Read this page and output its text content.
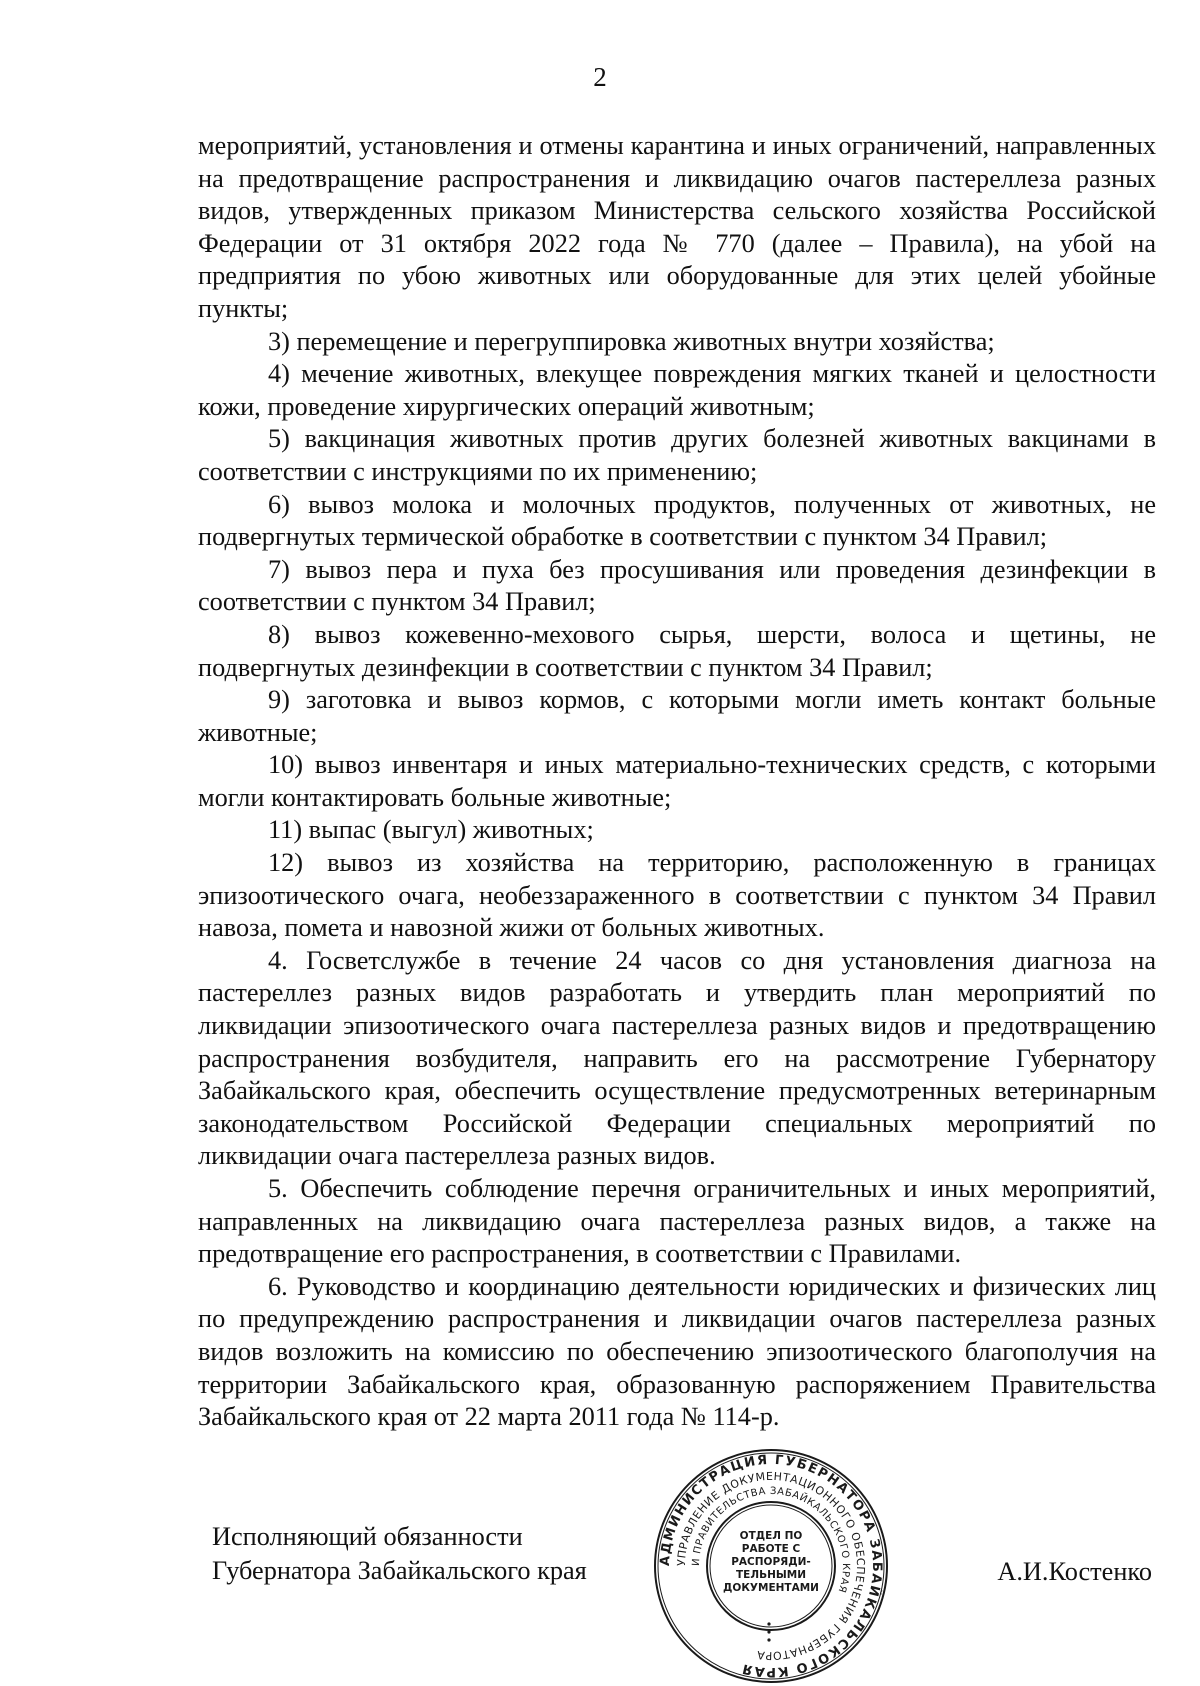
2

мероприятий, установления и отмены карантина и иных ограничений, направленных на предотвращение распространения и ликвидацию очагов пастереллеза разных видов, утвержденных приказом Министерства сельского хозяйства Российской Федерации от 31 октября 2022 года № 770 (далее – Правила), на убой на предприятия по убою животных или оборудованные для этих целей убойные пункты;

3) перемещение и перегруппировка животных внутри хозяйства;

4) мечение животных, влекущее повреждения мягких тканей и целостности кожи, проведение хирургических операций животным;

5) вакцинация животных против других болезней животных вакцинами в соответствии с инструкциями по их применению;

6) вывоз молока и молочных продуктов, полученных от животных, не подвергнутых термической обработке в соответствии с пунктом 34 Правил;

7) вывоз пера и пуха без просушивания или проведения дезинфекции в соответствии с пунктом 34 Правил;

8) вывоз кожевенно-мехового сырья, шерсти, волоса и щетины, не подвергнутых дезинфекции в соответствии с пунктом 34 Правил;

9) заготовка и вывоз кормов, с которыми могли иметь контакт больные животные;

10) вывоз инвентаря и иных материально-технических средств, с которыми могли контактировать больные животные;

11) выпас (выгул) животных;

12) вывоз из хозяйства на территорию, расположенную в границах эпизоотического очага, необеззараженного в соответствии с пунктом 34 Правил навоза, помета и навозной жижи от больных животных.

4. Госветслужбе в течение 24 часов со дня установления диагноза на пастереллез разных видов разработать и утвердить план мероприятий по ликвидации эпизоотического очага пастереллеза разных видов и предотвращению распространения возбудителя, направить его на рассмотрение Губернатору Забайкальского края, обеспечить осуществление предусмотренных ветеринарным законодательством Российской Федерации специальных мероприятий по ликвидации очага пастереллеза разных видов.

5. Обеспечить соблюдение перечня ограничительных и иных мероприятий, направленных на ликвидацию очага пастереллеза разных видов, а также на предотвращение его распространения, в соответствии с Правилами.

6. Руководство и координацию деятельности юридических и физических лиц по предупреждению распространения и ликвидации очагов пастереллеза разных видов возложить на комиссию по обеспечению эпизоотического благополучия на территории Забайкальского края, образованную распоряжением Правительства Забайкальского края от 22 марта 2011 года № 114-р.

Исполняющий обязанности
Губернатора Забайкальского края	А.И.Костенко
АДМИНИСТРАЦИЯ ГУБЕРНАТОРА ЗАБАЙКАЛЬСКОГО КРАЯ
УПРАВЛЕНИЕ ДОКУМЕНТАЦИОННОГО ОБЕСПЕЧЕНИЯ ГУБЕРНАТОРА
И ПРАВИТЕЛЬСТВА ЗАБАЙКАЛЬСКОГО КРАЯ
ОТДЕЛ ПО РАБОТЕ С РАСПОРЯДИ- ТЕЛЬНЫМИ ДОКУМЕНТАМИ
